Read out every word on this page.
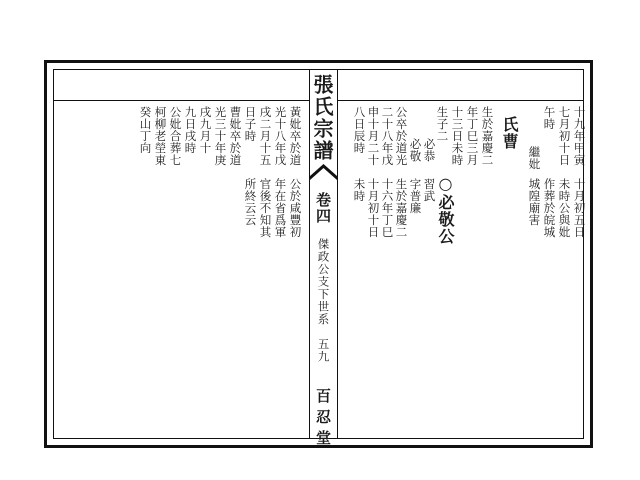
張氏宗譜
卷四
傑政公支下世系
五九
百忍堂
十九年甲寅
七月初十日
午時
十月初五日
未時公與妣
作葬於皖城
城隍廟害
繼妣
氏曹
生於嘉慶二
年丁巳三月
十三日未時
生子二
○必敬公
必恭
必敬
習武
字普廉
生於嘉慶二
十六年丁巳
十月初十日
未時
公卒於道光
二十八年戊
申十月二十
八日辰時
黃妣卒於道
光十八年戊
戌二月十五
日子時
公於咸豐初
年在省爲軍
官後不知其
所終云云
曹妣卒於道
光三十年庚
戌九月十
九日戌時
公妣合葬七
柯柳老塋東
癸山丁向
